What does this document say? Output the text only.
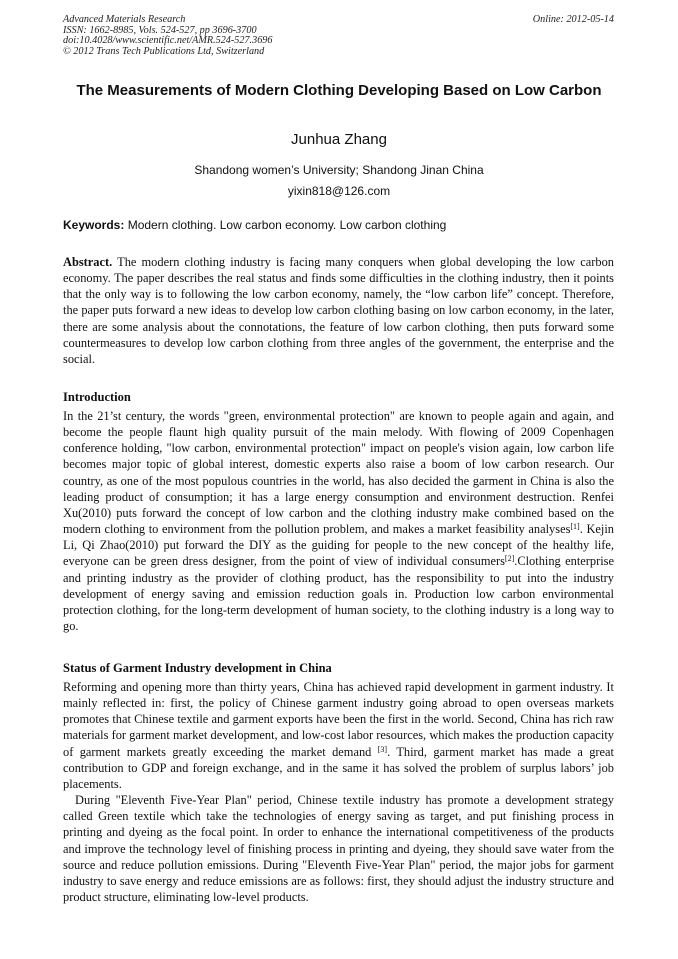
Advanced Materials Research
ISSN: 1662-8985, Vols. 524-527, pp 3696-3700
doi:10.4028/www.scientific.net/AMR.524-527.3696
© 2012 Trans Tech Publications Ltd, Switzerland
Online: 2012-05-14
The Measurements of Modern Clothing Developing Based on Low Carbon
Junhua Zhang
Shandong women’s University; Shandong Jinan China
yixin818@126.com
Keywords: Modern clothing. Low carbon economy. Low carbon clothing

Abstract. The modern clothing industry is facing many conquers when global developing the low carbon economy. The paper describes the real status and finds some difficulties in the clothing industry, then it points that the only way is to following the low carbon economy, namely, the “low carbon life” concept. Therefore, the paper puts forward a new ideas to develop low carbon clothing basing on low carbon economy, in the later, there are some analysis about the connotations, the feature of low carbon clothing, then puts forward some countermeasures to develop low carbon clothing from three angles of the government, the enterprise and the social.

Introduction

In the 21’st century, the words "green, environmental protection" are known to people again and again, and become the people flaunt high quality pursuit of the main melody. With flowing of 2009 Copenhagen conference holding, "low carbon, environmental protection" impact on people's vision again, low carbon life becomes major topic of global interest, domestic experts also raise a boom of low carbon research. Our country, as one of the most populous countries in the world, has also decided the garment in China is also the leading product of consumption; it has a large energy consumption and environment destruction. Renfei Xu(2010) puts forward the concept of low carbon and the clothing industry make combined based on the modern clothing to environment from the pollution problem, and makes a market feasibility analyses[1]. Kejin Li, Qi Zhao(2010) put forward the DIY as the guiding for people to the new concept of the healthy life, everyone can be green dress designer, from the point of view of individual consumers[2].Clothing enterprise and printing industry as the provider of clothing product, has the responsibility to put into the industry development of energy saving and emission reduction goals in. Production low carbon environmental protection clothing, for the long-term development of human society, to the clothing industry is a long way to go.

Status of Garment Industry development in China

Reforming and opening more than thirty years, China has achieved rapid development in garment industry. It mainly reflected in: first, the policy of Chinese garment industry going abroad to open overseas markets promotes that Chinese textile and garment exports have been the first in the world. Second, China has rich raw materials for garment market development, and low-cost labor resources, which makes the production capacity of garment markets greatly exceeding the market demand [3]. Third, garment market has made a great contribution to GDP and foreign exchange, and in the same it has solved the problem of surplus labors’ job placements.

During "Eleventh Five-Year Plan" period, Chinese textile industry has promote a development strategy called Green textile which take the technologies of energy saving as target, and put finishing process in printing and dyeing as the focal point. In order to enhance the international competitiveness of the products and improve the technology level of finishing process in printing and dyeing, they should save water from the source and reduce pollution emissions. During "Eleventh Five-Year Plan" period, the major jobs for garment industry to save energy and reduce emissions are as follows: first, they should adjust the industry structure and product structure, eliminating low-level products.
